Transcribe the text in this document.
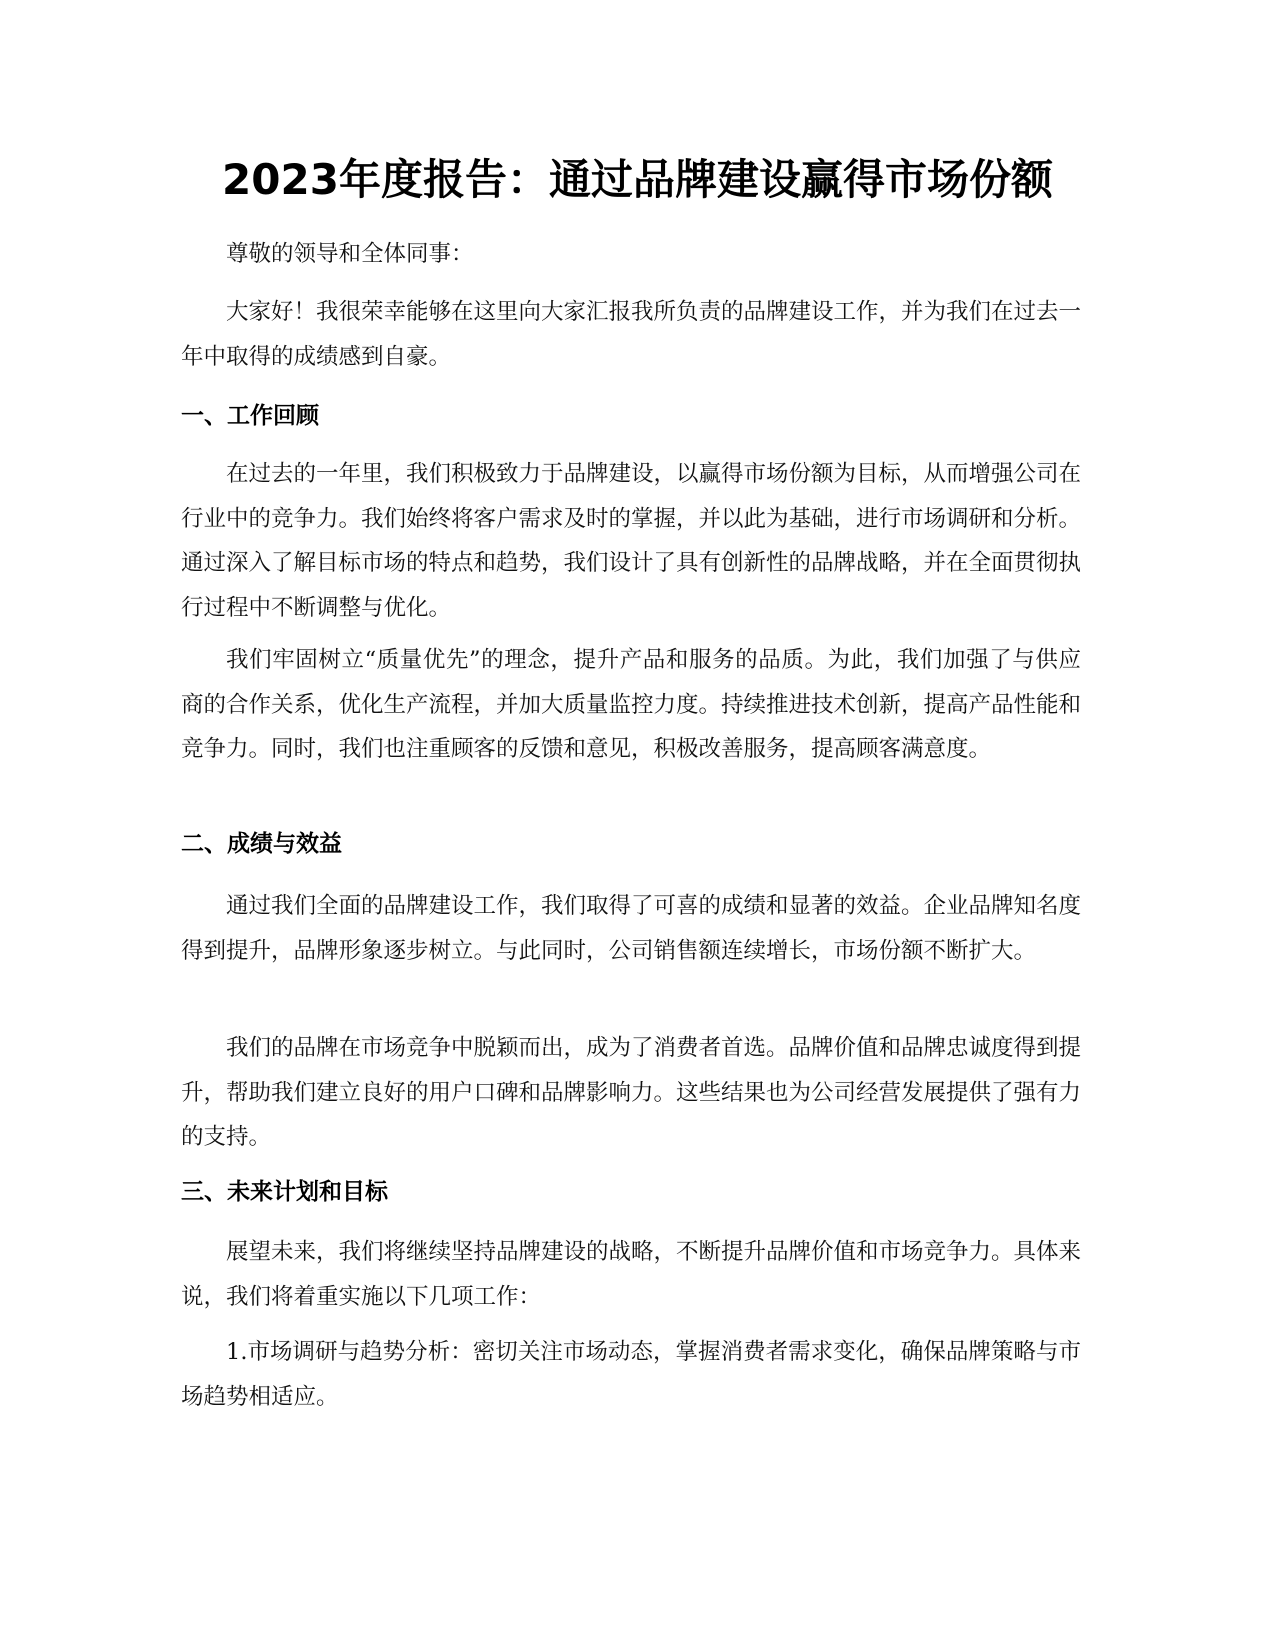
2023年度报告：通过品牌建设赢得市场份额

尊敬的领导和全体同事：

大家好！我很荣幸能够在这里向大家汇报我所负责的品牌建设工作，并为我们在过去一年中取得的成绩感到自豪。

一、工作回顾

在过去的一年里，我们积极致力于品牌建设，以赢得市场份额为目标，从而增强公司在行业中的竞争力。我们始终将客户需求及时的掌握，并以此为基础，进行市场调研和分析。通过深入了解目标市场的特点和趋势，我们设计了具有创新性的品牌战略，并在全面贯彻执行过程中不断调整与优化。

我们牢固树立“质量优先”的理念，提升产品和服务的品质。为此，我们加强了与供应商的合作关系，优化生产流程，并加大质量监控力度。持续推进技术创新，提高产品性能和竞争力。同时，我们也注重顾客的反馈和意见，积极改善服务，提高顾客满意度。

二、成绩与效益

通过我们全面的品牌建设工作，我们取得了可喜的成绩和显著的效益。企业品牌知名度得到提升，品牌形象逐步树立。与此同时，公司销售额连续增长，市场份额不断扩大。

我们的品牌在市场竞争中脱颖而出，成为了消费者首选。品牌价值和品牌忠诚度得到提升，帮助我们建立良好的用户口碑和品牌影响力。这些结果也为公司经营发展提供了强有力的支持。

三、未来计划和目标

展望未来，我们将继续坚持品牌建设的战略，不断提升品牌价值和市场竞争力。具体来说，我们将着重实施以下几项工作：

1.市场调研与趋势分析：密切关注市场动态，掌握消费者需求变化，确保品牌策略与市场趋势相适应。
